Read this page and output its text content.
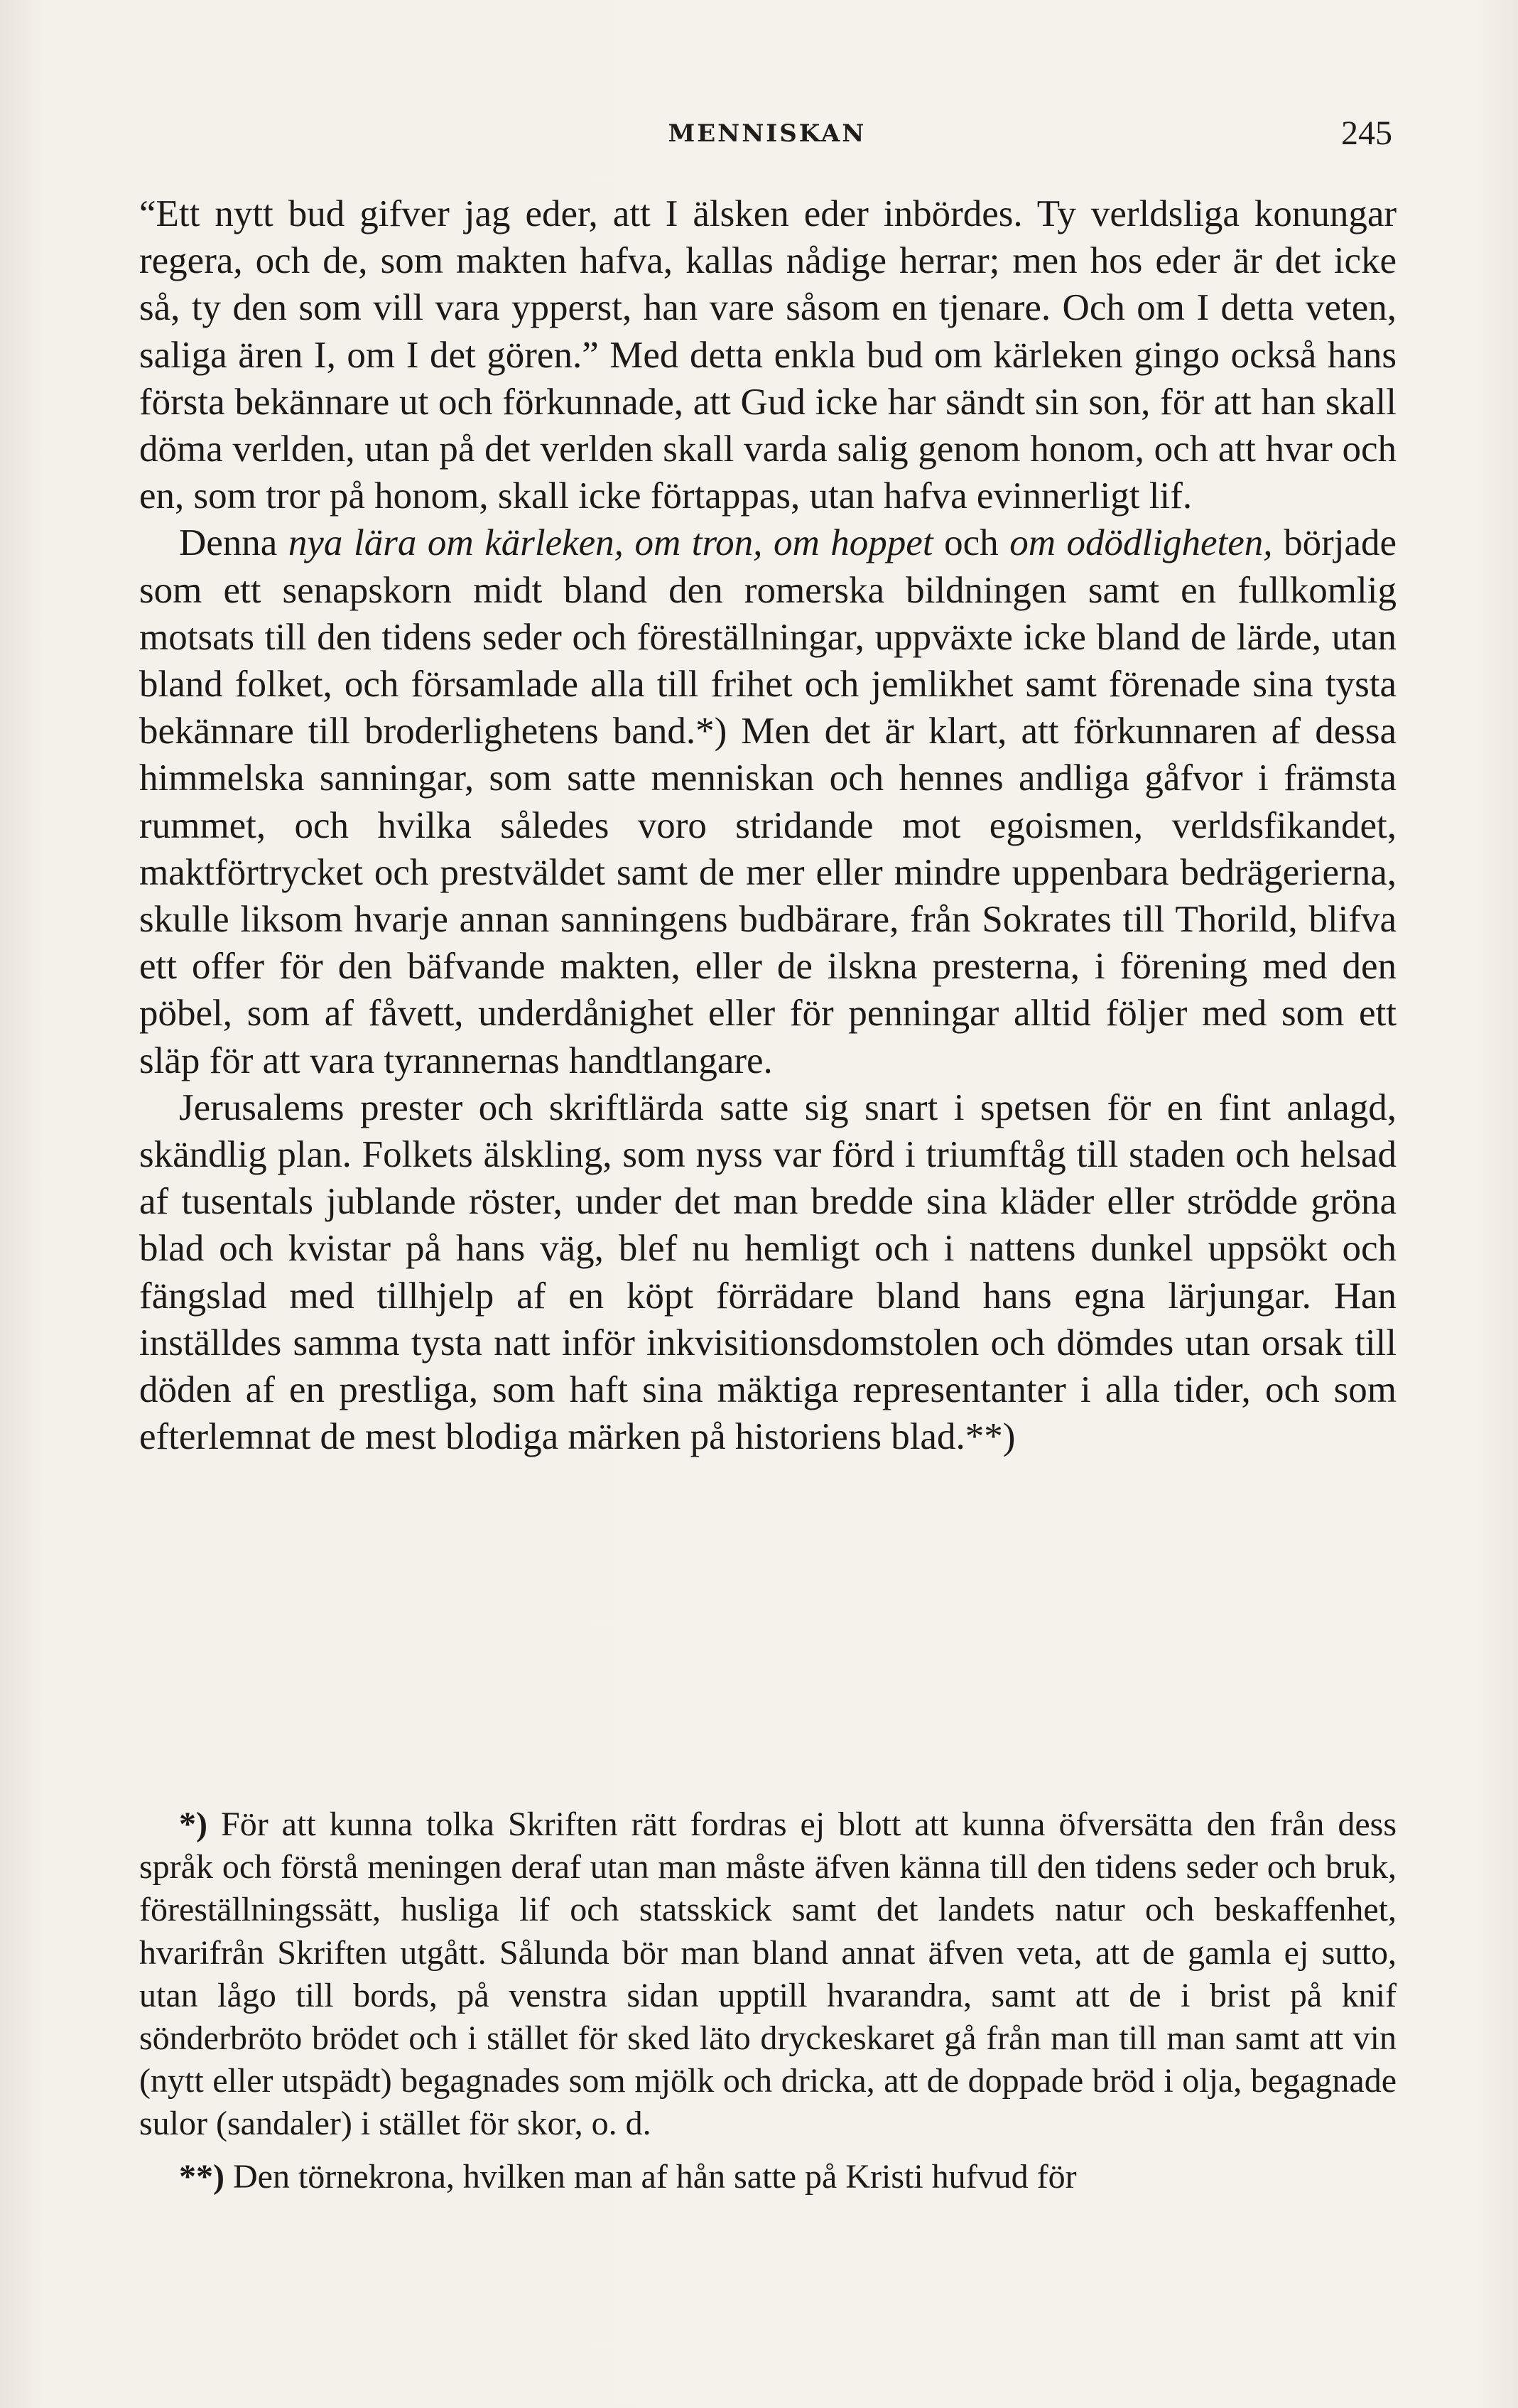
MENNISKAN	245

“Ett nytt bud gifver jag eder, att I älsken eder inbördes. Ty verldsliga konungar regera, och de, som makten hafva, kallas nådige herrar; men hos eder är det icke så, ty den som vill vara ypperst, han vare såsom en tjenare. Och om I detta veten, saliga ären I, om I det gören.” Med detta enkla bud om kärleken gingo också hans första bekännare ut och förkunnade, att Gud icke har sändt sin son, för att han skall döma verlden, utan på det verlden skall varda salig genom honom, och att hvar och en, som tror på honom, skall icke förtappas, utan hafva evinnerligt lif.

Denna nya lära om kärleken, om tron, om hoppet och om odödligheten, började som ett senapskorn midt bland den romerska bildningen samt en fullkomlig motsats till den tidens seder och föreställningar, uppväxte icke bland de lärde, utan bland folket, och församlade alla till frihet och jemlikhet samt förenade sina tysta bekännare till broderlighetens band.*) Men det är klart, att förkunnaren af dessa himmelska sanningar, som satte menniskan och hennes andliga gåfvor i främsta rummet, och hvilka således voro stridande mot egoismen, verldsfikandet, maktförtrycket och prestväldet samt de mer eller mindre uppenbara bedrägerierna, skulle liksom hvarje annan sanningens budbärare, från Sokrates till Thorild, blifva ett offer för den bäfvande makten, eller de ilskna presterna, i förening med den pöbel, som af fåvett, underdånighet eller för penningar alltid följer med som ett släp för att vara tyrannernas handtlangare.

Jerusalems prester och skriftlärda satte sig snart i spetsen för en fint anlagd, skändlig plan. Folkets älskling, som nyss var förd i triumftåg till staden och helsad af tusentals jublande röster, under det man bredde sina kläder eller strödde gröna blad och kvistar på hans väg, blef nu hemligt och i nattens dunkel uppsökt och fängslad med tillhjelp af en köpt förrädare bland hans egna lärjungar. Han inställdes samma tysta natt inför inkvisitionsdomstolen och dömdes utan orsak till döden af en prestliga, som haft sina mäktiga representanter i alla tider, och som efterlemnat de mest blodiga märken på historiens blad.**)

*) För att kunna tolka Skriften rätt fordras ej blott att kunna öfversätta den från dess språk och förstå meningen deraf utan man måste äfven känna till den tidens seder och bruk, föreställningssätt, husliga lif och statsskick samt det landets natur och beskaffenhet, hvarifrån Skriften utgått. Sålunda bör man bland annat äfven veta, att de gamla ej sutto, utan lågo till bords, på venstra sidan upptill hvarandra, samt att de i brist på knif sönderbröto brödet och i stället för sked läto dryckeskaret gå från man till man samt att vin (nytt eller utspädt) begagnades som mjölk och dricka, att de doppade bröd i olja, begagnade sulor (sandaler) i stället för skor, o. d.

**) Den törnekrona, hvilken man af hån satte på Kristi hufvud för
